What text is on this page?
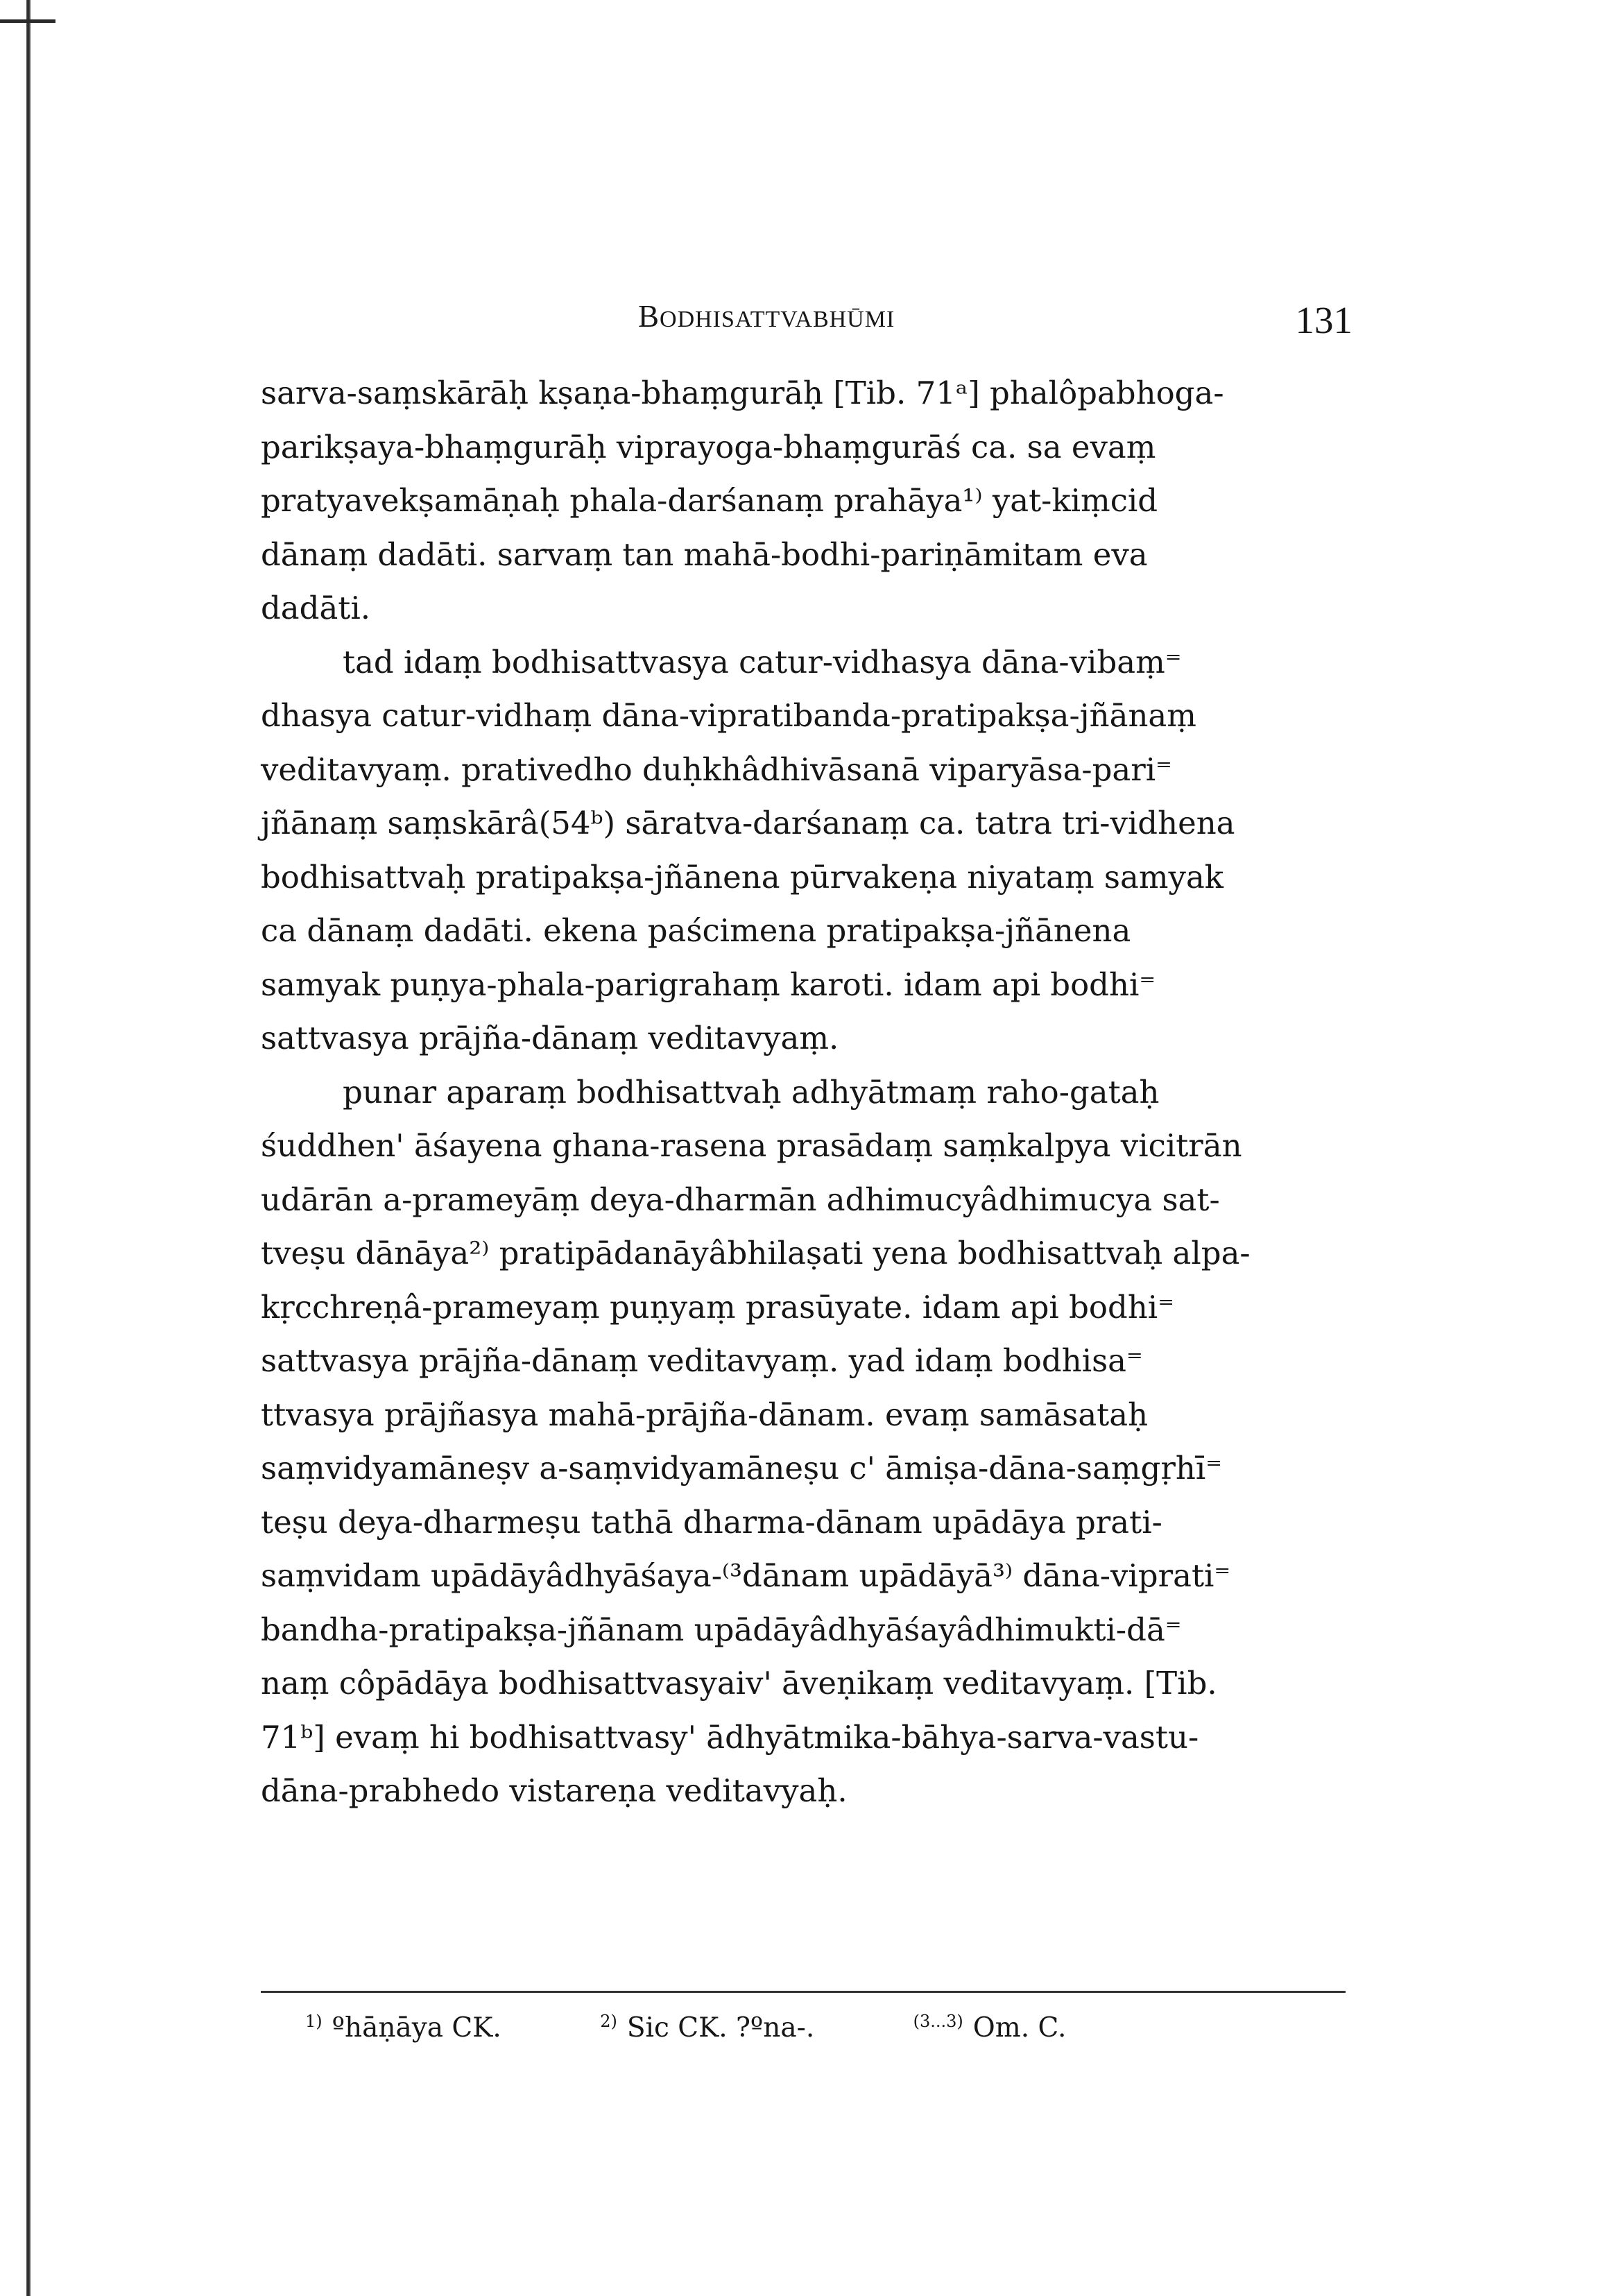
BODHISATTVABHŪMI	131

sarva-saṃskārāḥ kṣaṇa-bhaṃgurāḥ [Tib. 71ᵃ] phalôpabhoga-
parikṣaya-bhaṃgurāḥ viprayoga-bhaṃgurāś ca. sa evaṃ
pratyavekṣamāṇaḥ phala-darśanaṃ prahāya¹⁾ yat-kiṃcid
dānaṃ dadāti. sarvaṃ tan mahā-bodhi-pariṇāmitam eva
dadāti.

tad idaṃ bodhisattvasya catur-vidhasya dāna-vibaṃ⁼
dhasya catur-vidhaṃ dāna-vipratibanda-pratipakṣa-jñānaṃ
veditavyaṃ. prativedho duḥkhâdhivāsanā viparyāsa-pari⁼
jñānaṃ saṃskārâ(54ᵇ) sāratva-darśanaṃ ca. tatra tri-vidhena
bodhisattvaḥ pratipakṣa-jñānena pūrvakeṇa niyataṃ samyak
ca dānaṃ dadāti. ekena paścimena pratipakṣa-jñānena
samyak puṇya-phala-parigrahaṃ karoti. idam api bodhi⁼
sattvasya prājña-dānaṃ veditavyaṃ.

punar aparaṃ bodhisattvaḥ adhyātmaṃ raho-gataḥ
śuddhen' āśayena ghana-rasena prasādaṃ saṃkalpya vicitrān
udārān a-prameyāṃ deya-dharmān adhimucyâdhimucya sat-
tveṣu dānāya²⁾ pratipādanāyâbhilaṣati yena bodhisattvaḥ alpa-
kṛcchreṇâ-prameyaṃ puṇyaṃ prasūyate. idam api bodhi⁼
sattvasya prājña-dānaṃ veditavyaṃ. yad idaṃ bodhisa⁼
ttvasya prājñasya mahā-prājña-dānam. evaṃ samāsataḥ
saṃvidyamāneṣv a-saṃvidyamāneṣu c' āmiṣa-dāna-saṃgṛhī⁼
teṣu deya-dharmeṣu tathā dharma-dānam upādāya prati-
saṃvidam upādāyâdhyāśaya-⁽³dānam upādāyā³⁾ dāna-viprati⁼
bandha-pratipakṣa-jñānam upādāyâdhyāśayâdhimukti-dā⁼
naṃ côpādāya bodhisattvasyaiv' āveṇikaṃ veditavyaṃ. [Tib.
71ᵇ] evaṃ hi bodhisattvasy' ādhyātmika-bāhya-sarva-vastu-
dāna-prabhedo vistareṇa veditavyaḥ.

$^{1)}$ ºhāṇāya CK.	$^{2)}$ Sic CK. ?ºna-.	$^{(3...3)}$ Om. C.
